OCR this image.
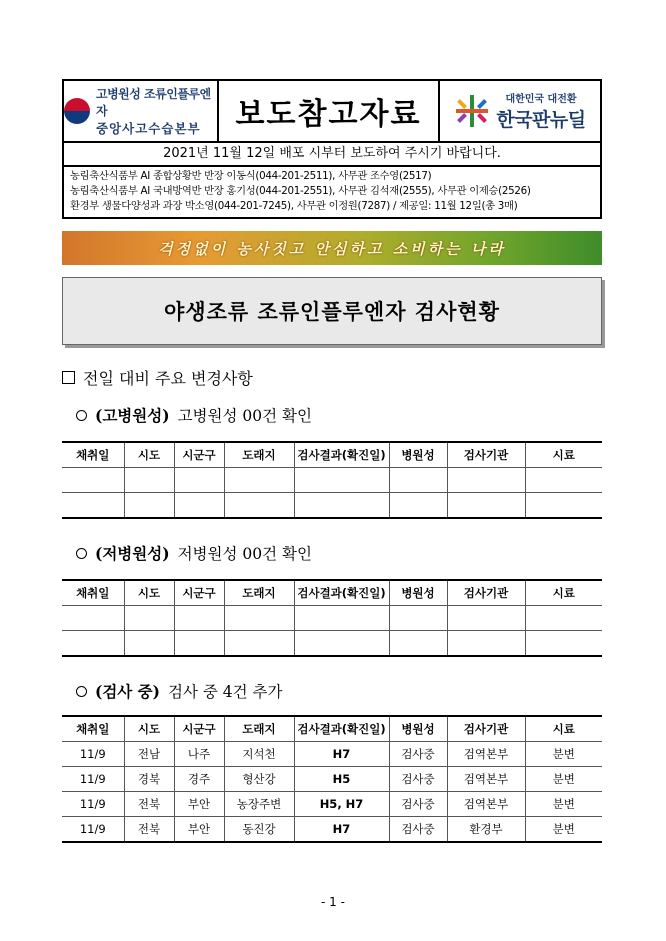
고병원성 조류인플루엔자
중앙사고수습본부	보도참고자료	대한민국 대전환
한국판뉴딜
2021년 11월 12일 배포 시부터 보도하여 주시기 바랍니다.
농림축산식품부 AI 종합상황반 반장 이동식(044-201-2511), 사무관 조수영(2517)
농림축산식품부 AI 국내방역반 반장 홍기성(044-201-2551), 사무관 김석재(2555), 사무관 이제승(2526)
환경부 생물다양성과 과장 박소영(044-201-7245), 사무관 이정원(7287) / 제공일: 11월 12일(총 3매)
걱정없이 농사짓고 안심하고 소비하는 나라
야생조류 조류인플루엔자 검사현황
전일 대비 주요 변경사항
(고병원성) 고병원성 00건 확인
채취일	시도	시군구	도래지	검사결과(확진일)	병원성	검사기관	시료

(저병원성) 저병원성 00건 확인
채취일	시도	시군구	도래지	검사결과(확진일)	병원성	검사기관	시료

(검사 중) 검사 중 4건 추가
채취일	시도	시군구	도래지	검사결과(확진일)	병원성	검사기관	시료
11/9	전남	나주	지석천	H7	검사중	검역본부	분변
11/9	경북	경주	형산강	H5	검사중	검역본부	분변
11/9	전북	부안	농장주변	H5, H7	검사중	검역본부	분변
11/9	전북	부안	동진강	H7	검사중	환경부	분변
- 1 -
